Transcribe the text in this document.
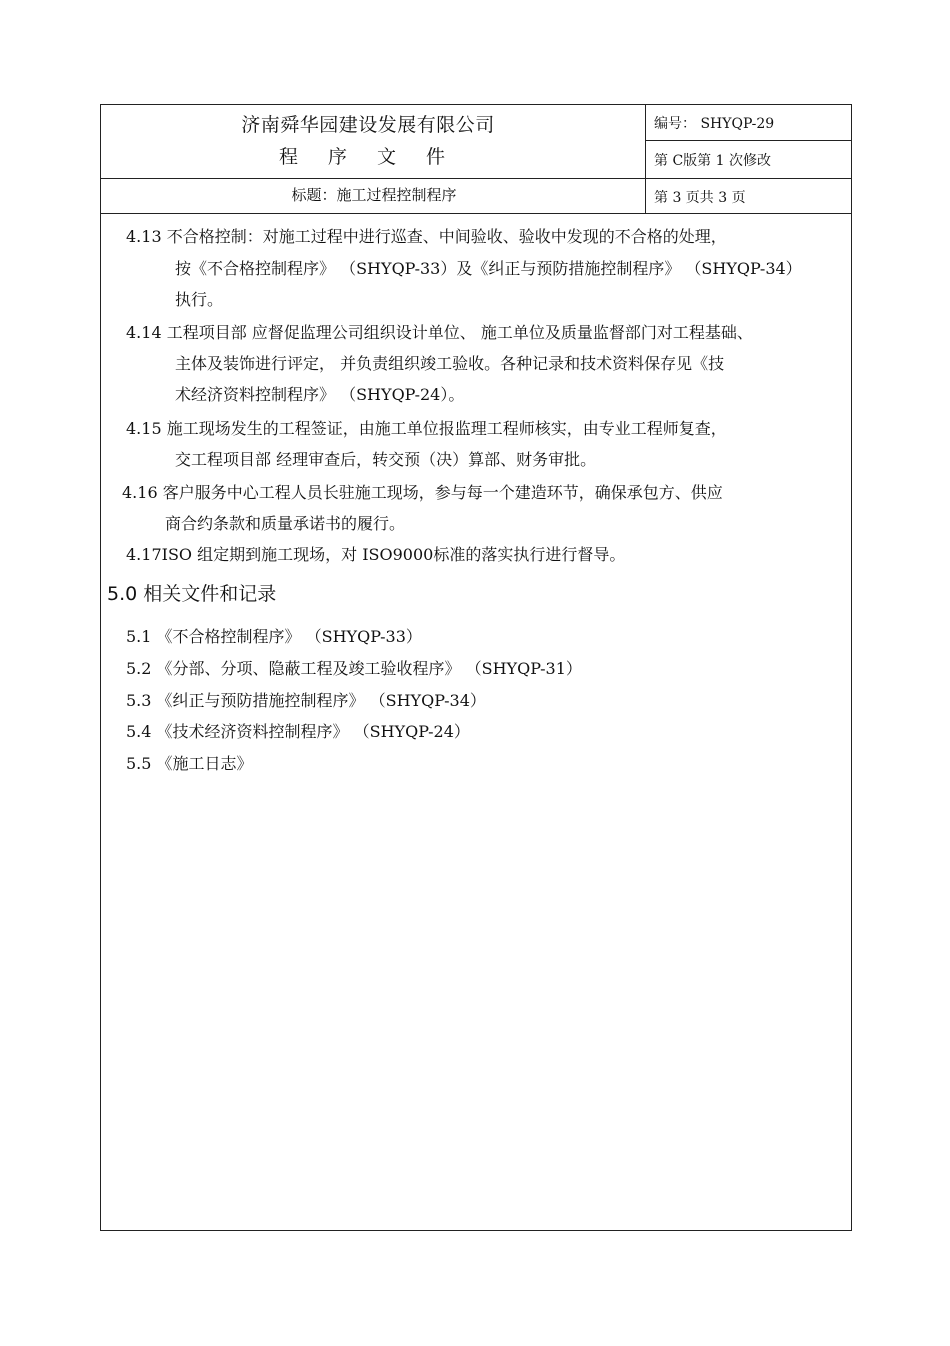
济南舜华园建设发展有限公司
程 序 文 件
编号： SHYQP-29
第 C版第 1 次修改
标题：施工过程控制程序	第 3 页共 3 页
4.13 不合格控制：对施工过程中进行巡查、中间验收、验收中发现的不合格的处理，
按《不合格控制程序》 （SHYQP-33）及《纠正与预防措施控制程序》 （SHYQP-34）
执行。
4.14 工程项目部 应督促监理公司组织设计单位、 施工单位及质量监督部门对工程基础、
主体及装饰进行评定， 并负责组织竣工验收。各种记录和技术资料保存见《技
术经济资料控制程序》 （SHYQP-24）。
4.15 施工现场发生的工程签证，由施工单位报监理工程师核实，由专业工程师复查，
交工程项目部 经理审查后，转交预（决）算部、财务审批。
4.16 客户服务中心工程人员长驻施工现场，参与每一个建造环节，确保承包方、供应
商合约条款和质量承诺书的履行。
4.17ISO 组定期到施工现场，对 ISO9000标准的落实执行进行督导。
5.0 相关文件和记录
5.1 《不合格控制程序》 （SHYQP-33）
5.2 《分部、分项、隐蔽工程及竣工验收程序》 （SHYQP-31）
5.3 《纠正与预防措施控制程序》 （SHYQP-34）
5.4 《技术经济资料控制程序》 （SHYQP-24）
5.5 《施工日志》
